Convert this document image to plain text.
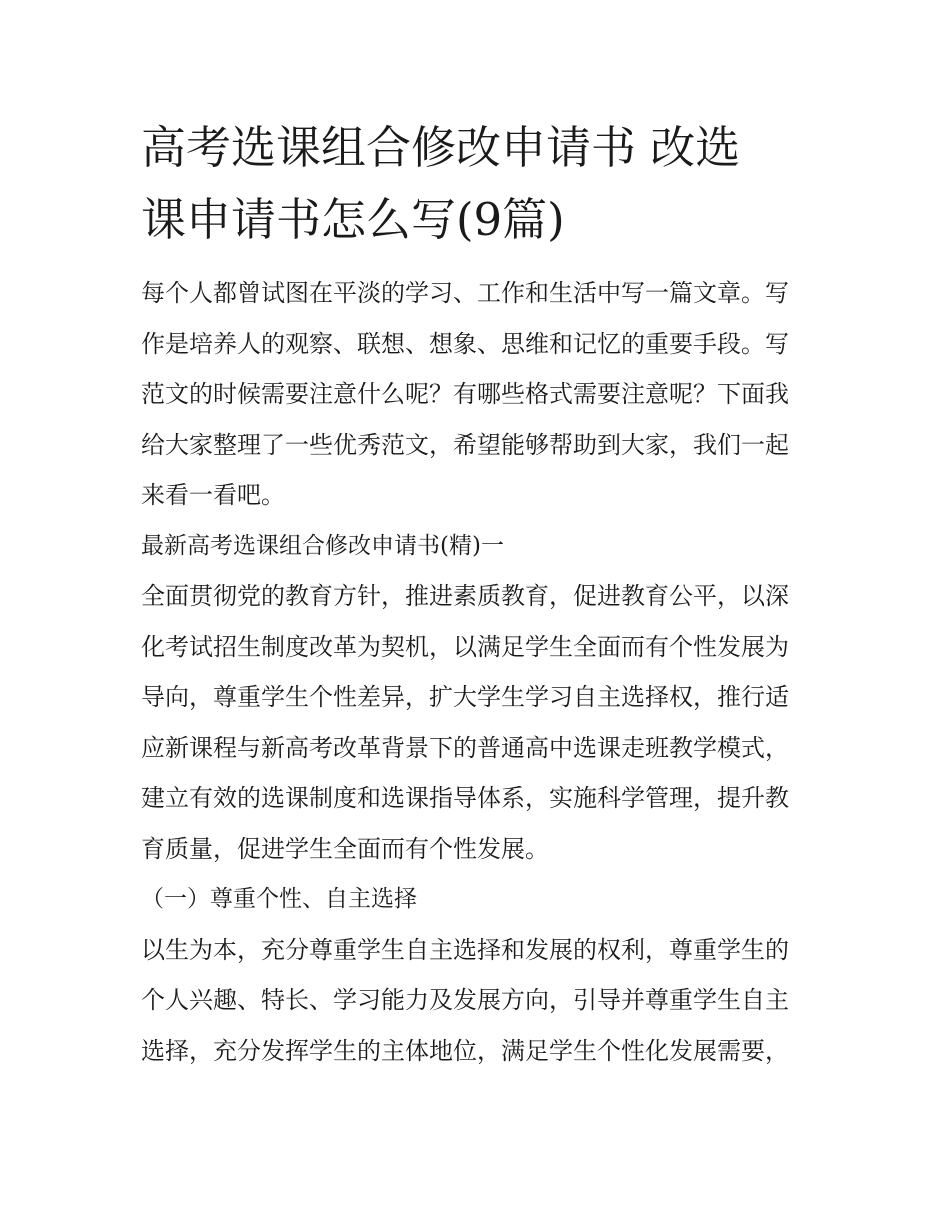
高考选课组合修改申请书 改选
课申请书怎么写(9篇)

每个人都曾试图在平淡的学习、工作和生活中写一篇文章。写
作是培养人的观察、联想、想象、思维和记忆的重要手段。写
范文的时候需要注意什么呢？有哪些格式需要注意呢？下面我
给大家整理了一些优秀范文，希望能够帮助到大家，我们一起
来看一看吧。

最新高考选课组合修改申请书(精)一

全面贯彻党的教育方针，推进素质教育，促进教育公平，以深
化考试招生制度改革为契机，以满足学生全面而有个性发展为
导向，尊重学生个性差异，扩大学生学习自主选择权，推行适
应新课程与新高考改革背景下的普通高中选课走班教学模式，
建立有效的选课制度和选课指导体系，实施科学管理，提升教
育质量，促进学生全面而有个性发展。

（一）尊重个性、自主选择

以生为本，充分尊重学生自主选择和发展的权利，尊重学生的
个人兴趣、特长、学习能力及发展方向，引导并尊重学生自主
选择，充分发挥学生的主体地位，满足学生个性化发展需要，
